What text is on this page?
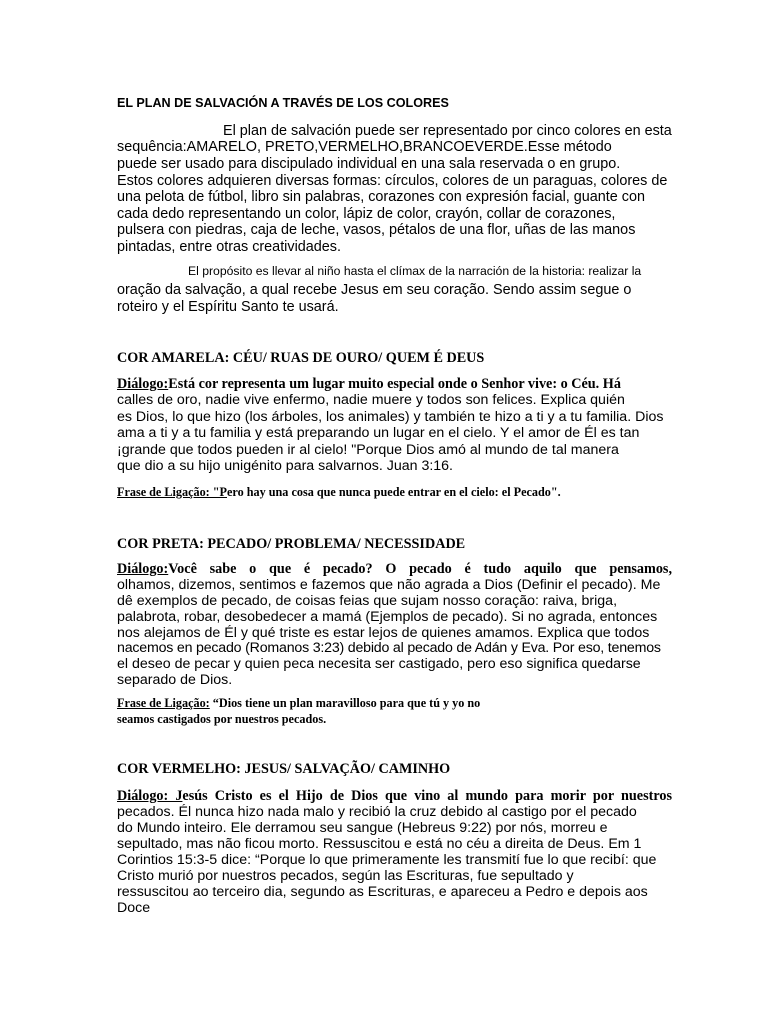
EL PLAN DE SALVACIÓN A TRAVÉS DE LOS COLORES
El plan de salvación puede ser representado por cinco colores en esta
sequência:AMARELO, PRETO,VERMELHO,BRANCOEVERDE.Esse método
puede ser usado para discipulado individual en una sala reservada o en grupo.
Estos colores adquieren diversas formas: círculos, colores de un paraguas, colores de
una pelota de fútbol, libro sin palabras, corazones con expresión facial, guante con
cada dedo representando un color, lápiz de color, crayón, collar de corazones,
pulsera con piedras, caja de leche, vasos, pétalos de una flor, uñas de las manos
pintadas, entre otras creatividades.
El propósito es llevar al niño hasta el clímax de la narración de la historia: realizar la
oração da salvação, a qual recebe Jesus em seu coração. Sendo assim segue o
roteiro y el Espíritu Santo te usará.
COR AMARELA: CÉU/ RUAS DE OURO/ QUEM É DEUS
Diálogo:Está cor representa um lugar muito especial onde o Senhor vive: o Céu. Há
calles de oro, nadie vive enfermo, nadie muere y todos son felices. Explica quién
es Dios, lo que hizo (los árboles, los animales) y también te hizo a ti y a tu familia. Dios
ama a ti y a tu familia y está preparando un lugar en el cielo. Y el amor de Él es tan
¡grande que todos pueden ir al cielo! "Porque Dios amó al mundo de tal manera
que dio a su hijo unigénito para salvarnos. Juan 3:16.
Frase de Ligação: "Pero hay una cosa que nunca puede entrar en el cielo: el Pecado".
COR PRETA: PECADO/ PROBLEMA/ NECESSIDADE
Diálogo:Você sabe o que é pecado? O pecado é tudo aquilo que pensamos,
olhamos, dizemos, sentimos e fazemos que não agrada a Dios (Definir el pecado). Me
dê exemplos de pecado, de coisas feias que sujam nosso coração: raiva, briga,
palabrota, robar, desobedecer a mamá (Ejemplos de pecado). Si no agrada, entonces
nos alejamos de Él y qué triste es estar lejos de quienes amamos. Explica que todos
nacemos en pecado (Romanos 3:23) debido al pecado de Adán y Eva. Por eso, tenemos
el deseo de pecar y quien peca necesita ser castigado, pero eso significa quedarse
separado de Dios.
Frase de Ligação: “Dios tiene un plan maravilloso para que tú y yo no
seamos castigados por nuestros pecados.
COR VERMELHO: JESUS/ SALVAÇÃO/ CAMINHO
Diálogo: Jesús Cristo es el Hijo de Dios que vino al mundo para morir por nuestros
pecados. Él nunca hizo nada malo y recibió la cruz debido al castigo por el pecado
do Mundo inteiro. Ele derramou seu sangue (Hebreus 9:22) por nós, morreu e
sepultado, mas não ficou morto. Ressuscitou e está no céu a direita de Deus. Em 1
Corintios 15:3-5 dice: “Porque lo que primeramente les transmití fue lo que recibí: que
Cristo murió por nuestros pecados, según las Escrituras, fue sepultado y
ressuscitou ao terceiro dia, segundo as Escrituras, e apareceu a Pedro e depois aos
Doce
